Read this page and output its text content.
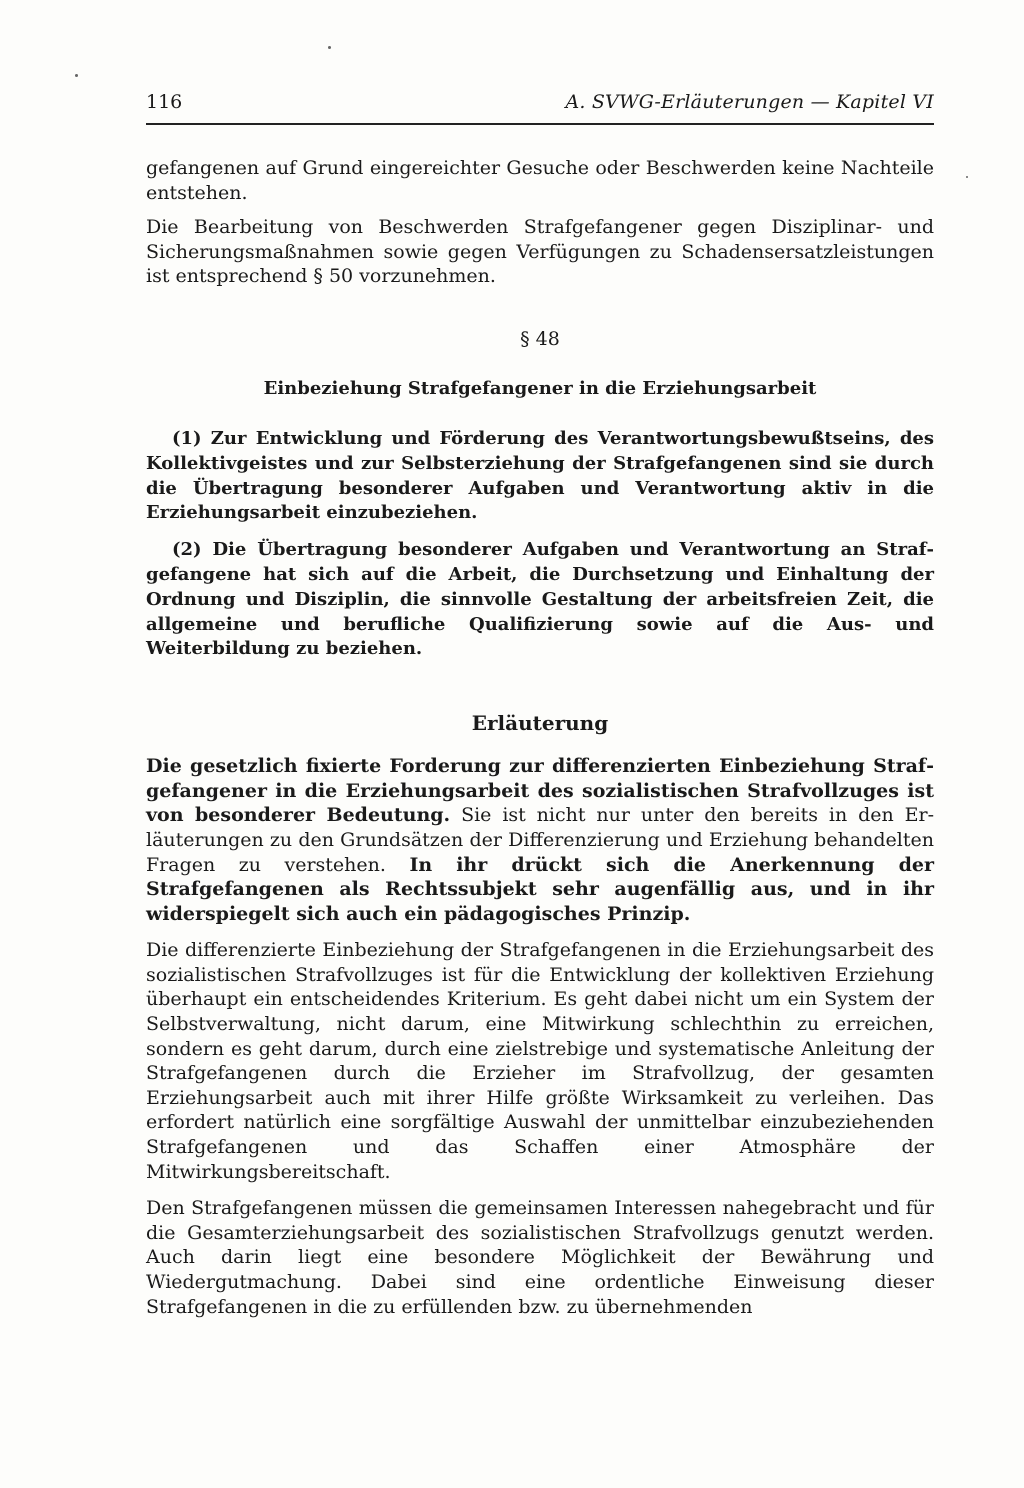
116	A. SVWG-Erläuterungen — Kapitel VI

gefangenen auf Grund eingereichter Gesuche oder Beschwerden keine Nachteile entstehen.

Die Bearbeitung von Beschwerden Strafgefangener gegen Disziplinar- und Sicherungsmaßnahmen sowie gegen Verfügungen zu Schadensersatzleistungen ist entsprechend § 50 vorzunehmen.

§ 48
Einbeziehung Strafgefangener in die Erziehungsarbeit

(1) Zur Entwicklung und Förderung des Verantwortungsbewußtseins, des Kollektivgeistes und zur Selbsterziehung der Strafgefangenen sind sie durch die Übertragung besonderer Aufgaben und Verantwortung aktiv in die Erziehungsarbeit einzubeziehen.

(2) Die Übertragung besonderer Aufgaben und Verantwortung an Strafgefangene hat sich auf die Arbeit, die Durchsetzung und Einhaltung der Ordnung und Disziplin, die sinnvolle Gestaltung der arbeitsfreien Zeit, die allgemeine und berufliche Qualifizierung sowie auf die Aus- und Weiterbildung zu beziehen.

Erläuterung

Die gesetzlich fixierte Forderung zur differenzierten Einbeziehung Strafgefangener in die Erziehungsarbeit des sozialistischen Strafvollzuges ist von besonderer Bedeutung. Sie ist nicht nur unter den bereits in den Erläuterungen zu den Grundsätzen der Differenzierung und Erziehung behandelten Fragen zu verstehen. In ihr drückt sich die Anerkennung der Strafgefangenen als Rechtssubjekt sehr augenfällig aus, und in ihr widerspiegelt sich auch ein pädagogisches Prinzip.

Die differenzierte Einbeziehung der Strafgefangenen in die Erziehungsarbeit des sozialistischen Strafvollzuges ist für die Entwicklung der kollektiven Erziehung überhaupt ein entscheidendes Kriterium. Es geht dabei nicht um ein System der Selbstverwaltung, nicht darum, eine Mitwirkung schlechthin zu erreichen, sondern es geht darum, durch eine zielstrebige und systematische Anleitung der Strafgefangenen durch die Erzieher im Strafvollzug, der gesamten Erziehungsarbeit auch mit ihrer Hilfe größte Wirksamkeit zu verleihen. Das erfordert natürlich eine sorgfältige Auswahl der unmittelbar einzubeziehenden Strafgefangenen und das Schaffen einer Atmosphäre der Mitwirkungsbereitschaft.

Den Strafgefangenen müssen die gemeinsamen Interessen nahegebracht und für die Gesamterziehungsarbeit des sozialistischen Strafvollzugs genutzt werden. Auch darin liegt eine besondere Möglichkeit der Bewährung und Wiedergutmachung. Dabei sind eine ordentliche Einweisung dieser Strafgefangenen in die zu erfüllenden bzw. zu übernehmenden
